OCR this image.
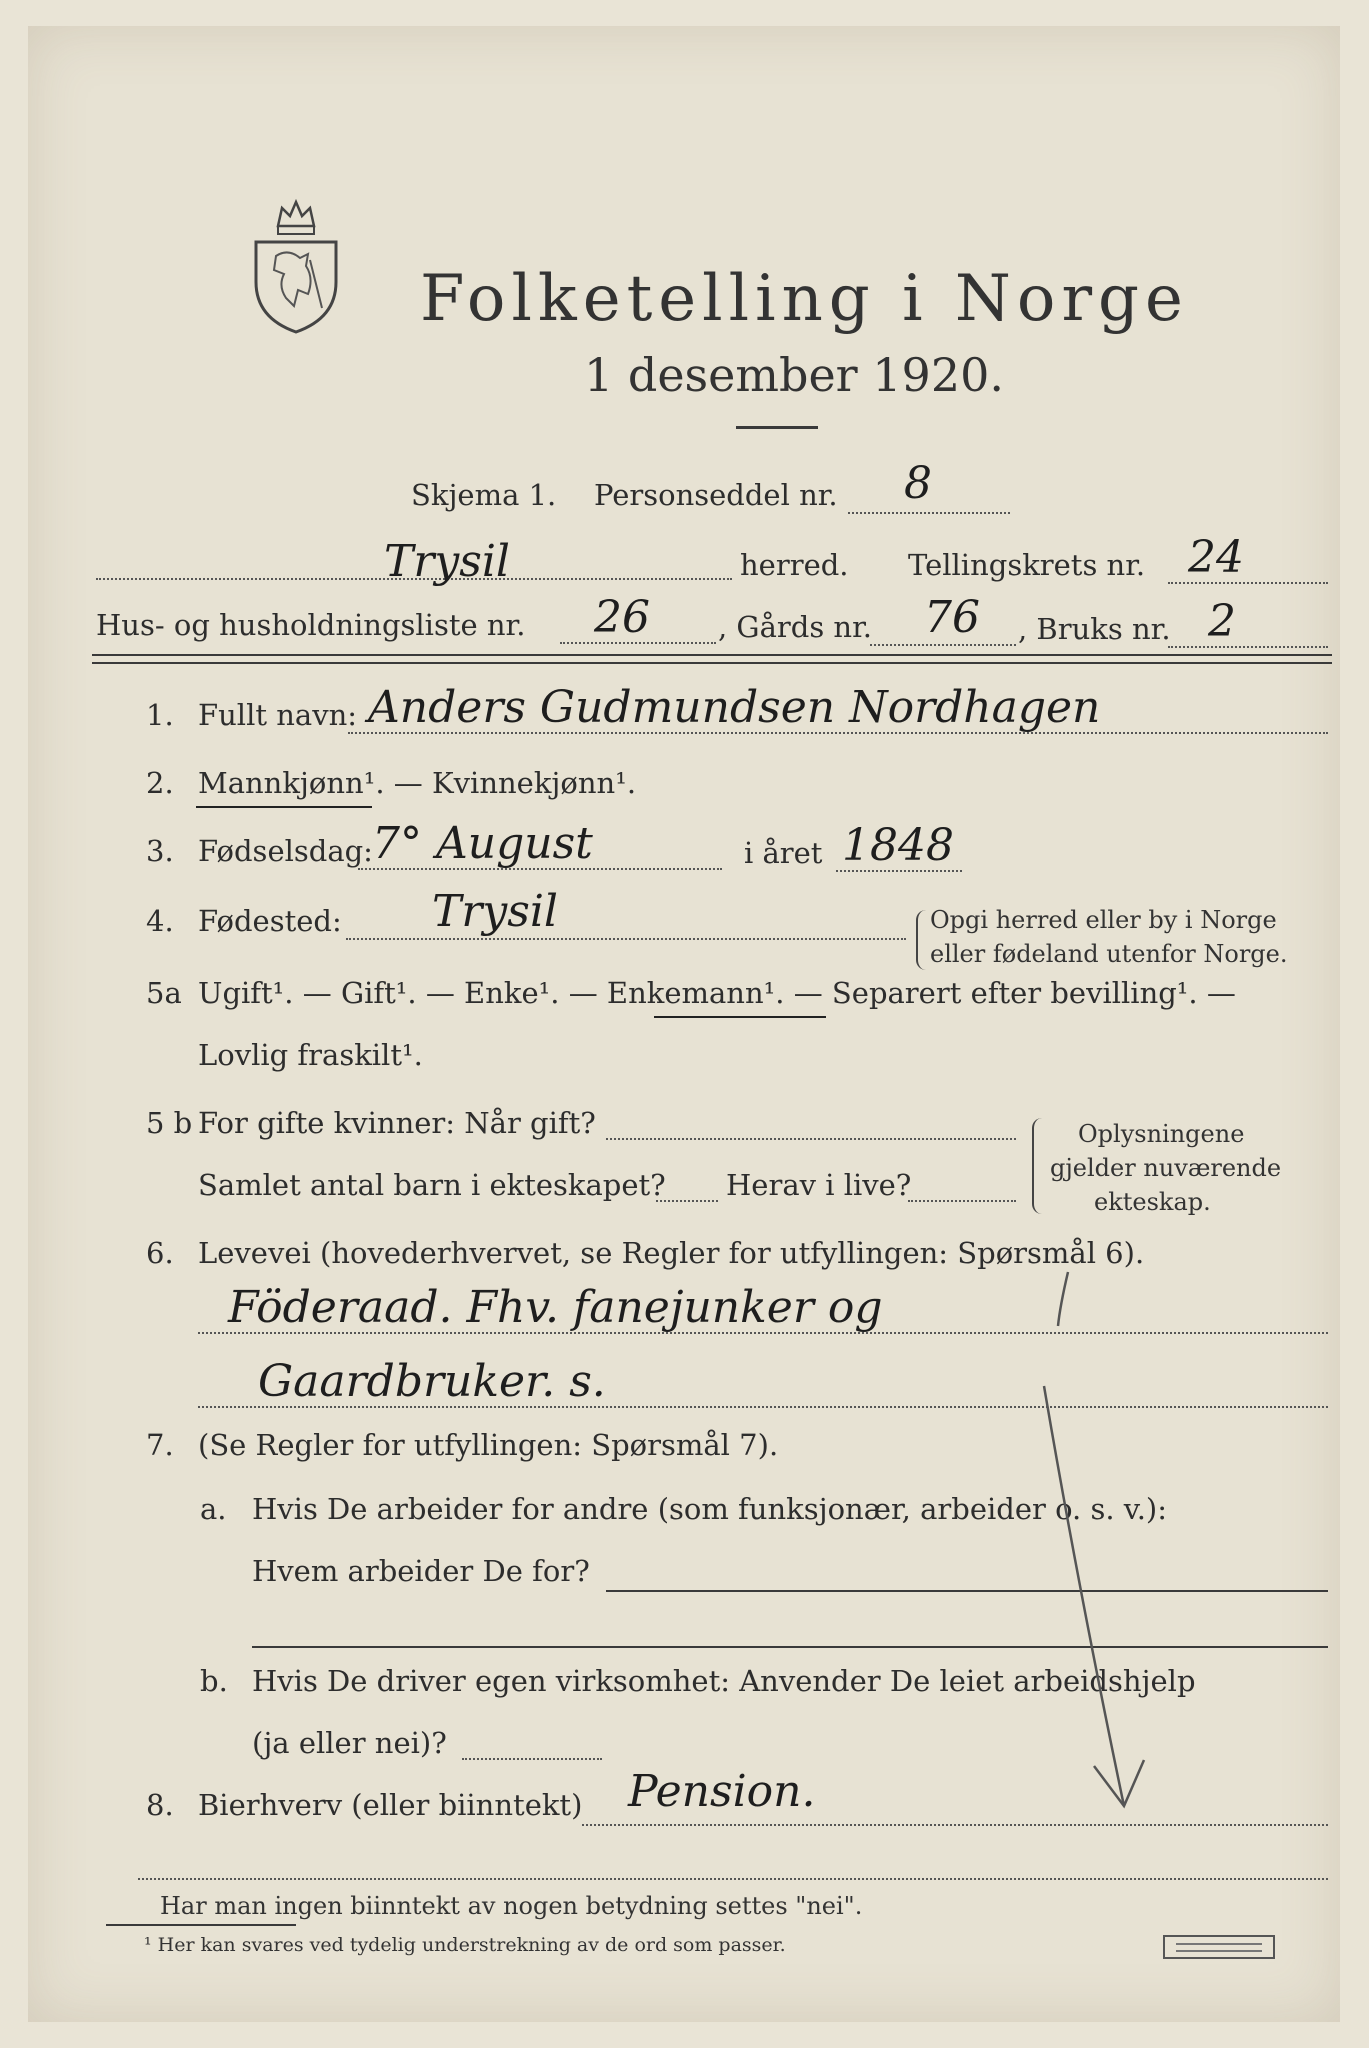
Folketelling i Norge
1 desember 1920.
Skjema 1. Personseddel nr. 8
Trysil	herred. Tellingskrets nr. 24
Hus- og husholdningsliste nr. 26 , Gårds nr. 76 , Bruks nr. 2
1. Fullt navn: Anders Gudmundsen Nordhagen
2. Mannkjønn¹. — Kvinnekjønn¹.
3. Fødselsdag: 7° August	i året 1848
4. Fødested: Trysil	Opgi herred eller by i Norge
eller fødeland utenfor Norge.
5a Ugift¹. — Gift¹. — Enke¹. — Enkemann¹. — Separert efter bevilling¹. —
Lovlig fraskilt¹.
5 b For gifte kvinner: Når gift?
Samlet antal barn i ekteskapet? Herav i live?
Oplysningene
gjelder nuværende
ekteskap.
6. Levevei (hovederhvervet, se Regler for utfyllingen: Spørsmål 6).
Föderaad. Fhv. fanejunker og
Gaardbruker. s.
7. (Se Regler for utfyllingen: Spørsmål 7).
a. Hvis De arbeider for andre (som funksjonær, arbeider o. s. v.):
Hvem arbeider De for?
b. Hvis De driver egen virksomhet: Anvender De leiet arbeidshjelp
(ja eller nei)?
8. Bierhverv (eller biinntekt) Pension.
Har man ingen biinntekt av nogen betydning settes "nei".
¹ Her kan svares ved tydelig understrekning av de ord som passer.
